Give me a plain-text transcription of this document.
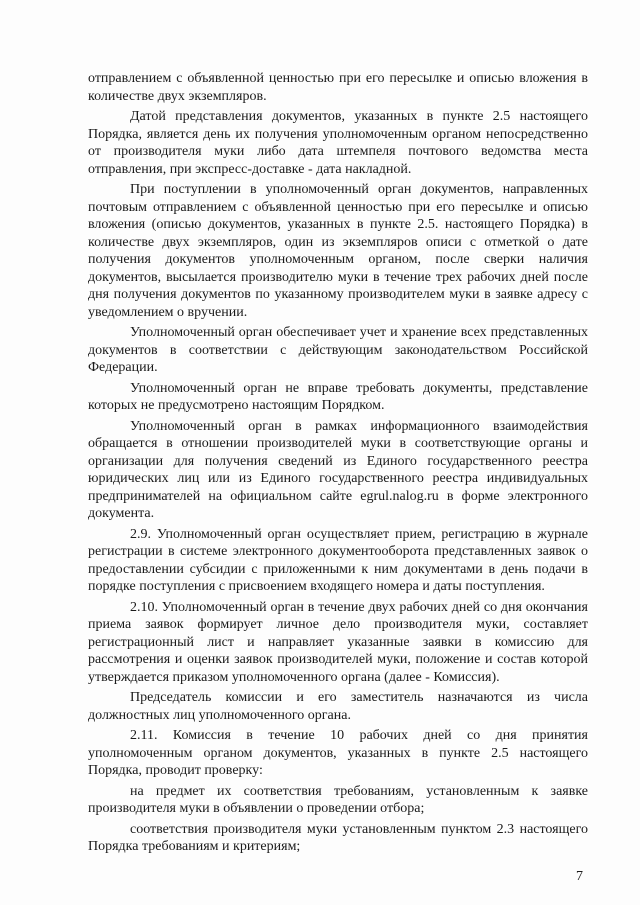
отправлением с объявленной ценностью при его пересылке и описью вложения в количестве двух экземпляров.

Датой представления документов, указанных в пункте 2.5 настоящего Порядка, является день их получения уполномоченным органом непосредственно от производителя муки либо дата штемпеля почтового ведомства места отправления, при экспресс-доставке - дата накладной.

При поступлении в уполномоченный орган документов, направленных почтовым отправлением с объявленной ценностью при его пересылке и описью вложения (описью документов, указанных в пункте 2.5. настоящего Порядка) в количестве двух экземпляров, один из экземпляров описи с отметкой о дате получения документов уполномоченным органом, после сверки наличия документов, высылается производителю муки в течение трех рабочих дней после дня получения документов по указанному производителем муки в заявке адресу с уведомлением о вручении.

Уполномоченный орган обеспечивает учет и хранение всех представленных документов в соответствии с действующим законодательством Российской Федерации.

Уполномоченный орган не вправе требовать документы, представление которых не предусмотрено настоящим Порядком.

Уполномоченный орган в рамках информационного взаимодействия обращается в отношении производителей муки в соответствующие органы и организации для получения сведений из Единого государственного реестра юридических лиц или из Единого государственного реестра индивидуальных предпринимателей на официальном сайте egrul.nalog.ru в форме электронного документа.

2.9. Уполномоченный орган осуществляет прием, регистрацию в журнале регистрации в системе электронного документооборота представленных заявок о предоставлении субсидии с приложенными к ним документами в день подачи в порядке поступления с присвоением входящего номера и даты поступления.

2.10. Уполномоченный орган в течение двух рабочих дней со дня окончания приема заявок формирует личное дело производителя муки, составляет регистрационный лист и направляет указанные заявки в комиссию для рассмотрения и оценки заявок производителей муки, положение и состав которой утверждается приказом уполномоченного органа (далее - Комиссия).

Председатель комиссии и его заместитель назначаются из числа должностных лиц уполномоченного органа.

2.11. Комиссия в течение 10 рабочих дней со дня принятия уполномоченным органом документов, указанных в пункте 2.5 настоящего Порядка, проводит проверку:

на предмет их соответствия требованиям, установленным к заявке производителя муки в объявлении о проведении отбора;

соответствия производителя муки установленным пунктом 2.3 настоящего Порядка требованиям и критериям;

7
